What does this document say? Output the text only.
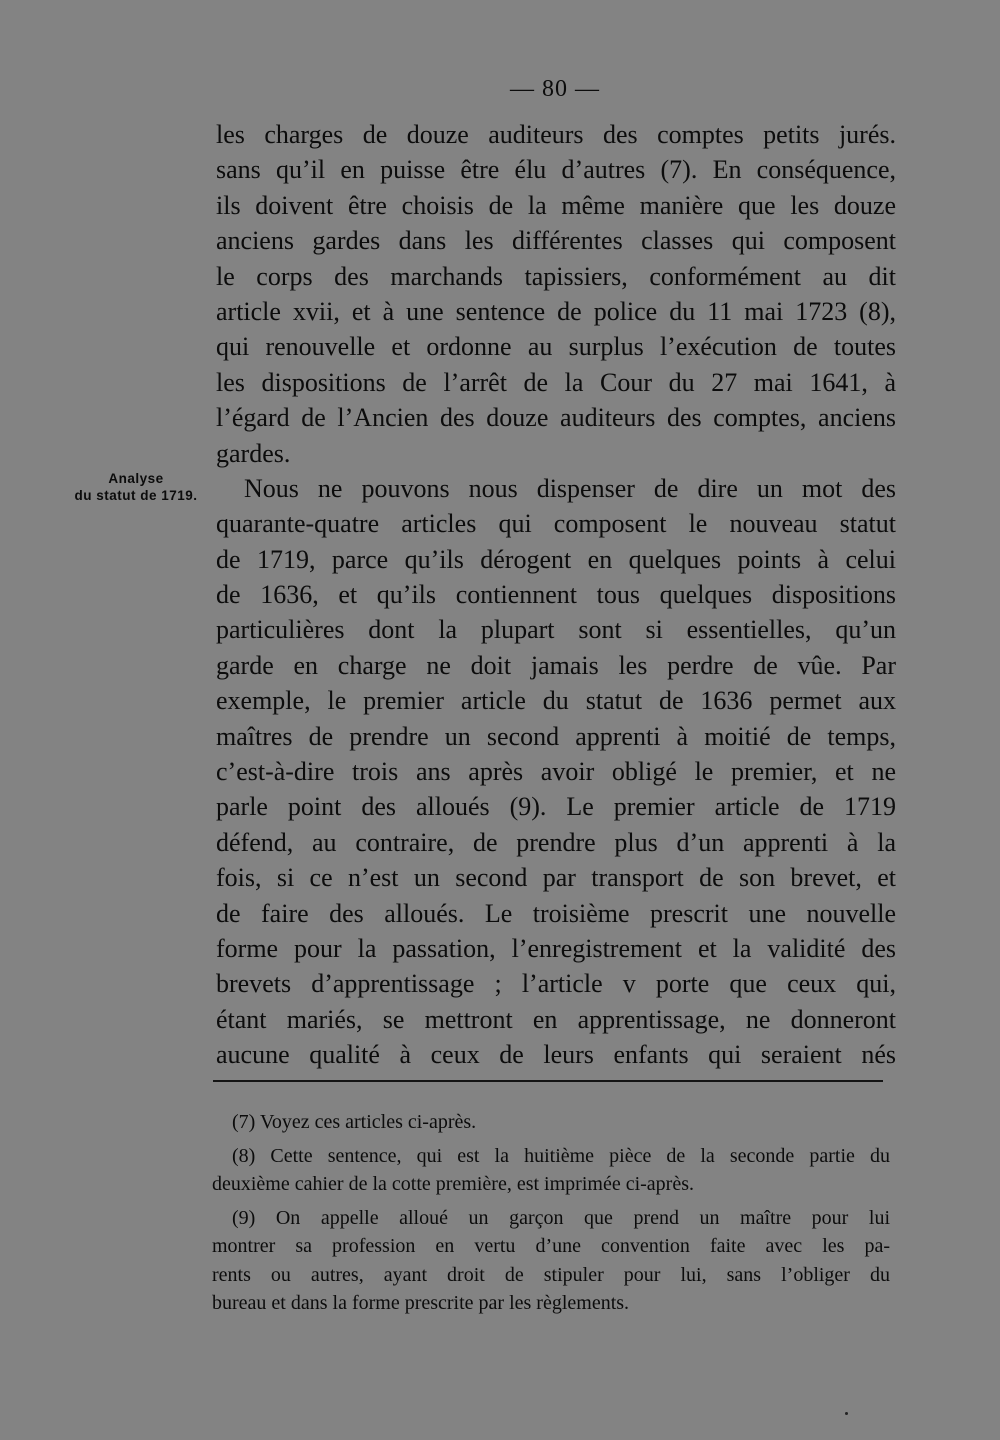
— 80 —
Analyse
du statut de 1719.
les charges de douze auditeurs des comptes petits jurés.
sans qu’il en puisse être élu d’autres (7). En conséquence,
ils doivent être choisis de la même manière que les douze
anciens gardes dans les différentes classes qui composent
le corps des marchands tapissiers, conformément au dit
article xvii, et à une sentence de police du 11 mai 1723 (8),
qui renouvelle et ordonne au surplus l’exécution de toutes
les dispositions de l’arrêt de la Cour du 27 mai 1641, à
l’égard de l’Ancien des douze auditeurs des comptes, anciens
gardes.
Nous ne pouvons nous dispenser de dire un mot des
quarante-quatre articles qui composent le nouveau statut
de 1719, parce qu’ils dérogent en quelques points à celui
de 1636, et qu’ils contiennent tous quelques dispositions
particulières dont la plupart sont si essentielles, qu’un
garde en charge ne doit jamais les perdre de vûe. Par
exemple, le premier article du statut de 1636 permet aux
maîtres de prendre un second apprenti à moitié de temps,
c’est-à-dire trois ans après avoir obligé le premier, et ne
parle point des alloués (9). Le premier article de 1719
défend, au contraire, de prendre plus d’un apprenti à la
fois, si ce n’est un second par transport de son brevet, et
de faire des alloués. Le troisième prescrit une nouvelle
forme pour la passation, l’enregistrement et la validité des
brevets d’apprentissage ; l’article v porte que ceux qui,
étant mariés, se mettront en apprentissage, ne donneront
aucune qualité à ceux de leurs enfants qui seraient nés
(7) Voyez ces articles ci-après.
(8) Cette sentence, qui est la huitième pièce de la seconde partie du
deuxième cahier de la cotte première, est imprimée ci-après.
(9) On appelle alloué un garçon que prend un maître pour lui
montrer sa profession en vertu d’une convention faite avec les pa-
rents ou autres, ayant droit de stipuler pour lui, sans l’obliger du
bureau et dans la forme prescrite par les règlements.
